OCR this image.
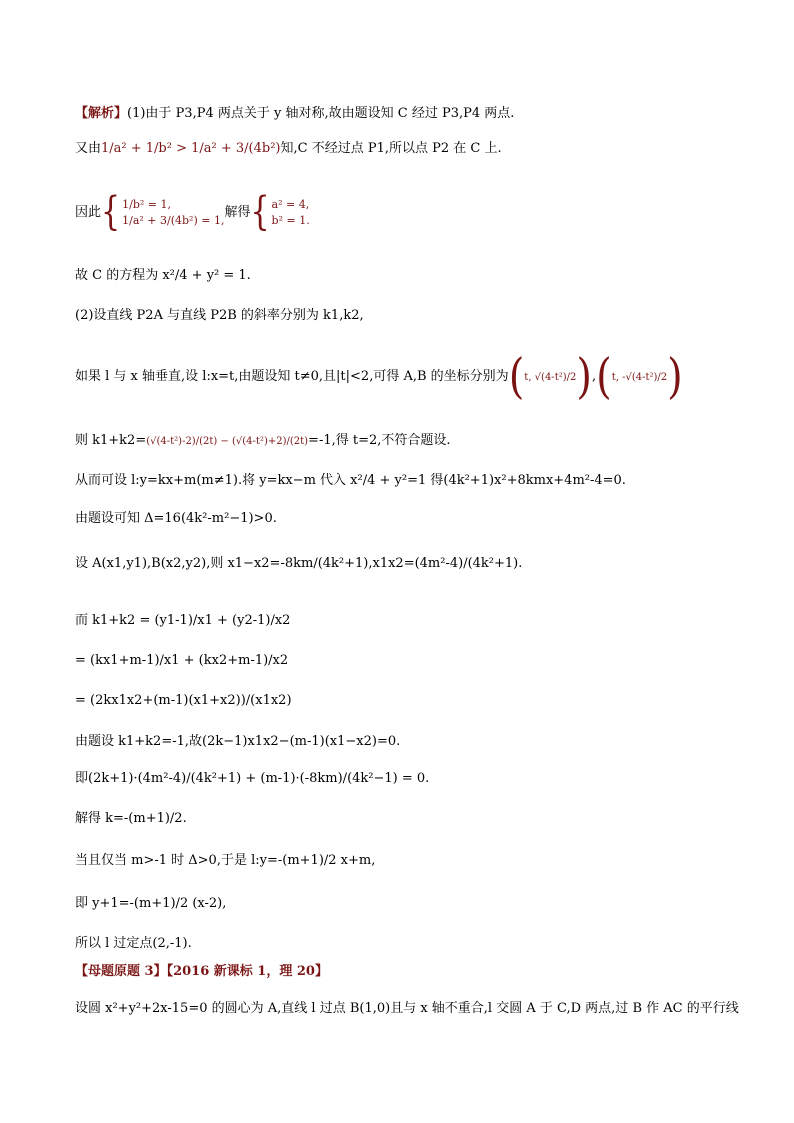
【解析】(1)由于 P3,P4 两点关于 y 轴对称,故由题设知 C 经过 P3,P4 两点.
又由1/a² + 1/b² > 1/a² + 3/(4b²)知,C 不经过点 P1,所以点 P2 在 C 上.
因此{ 1/b² = 1,
1/a² + 3/(4b²) = 1, 解得{ a² = 4,
b² = 1.
故 C 的方程为 x²/4 + y² = 1.
(2)设直线 P2A 与直线 P2B 的斜率分别为 k1,k2,
如果 l 与 x 轴垂直,设 l:x=t,由题设知 t≠0,且|t|<2,可得 A,B 的坐标分别为(t, √(4-t²)/2),(t, -√(4-t²)/2)
则 k1+k2=(√(4-t²)-2)/(2t) − (√(4-t²)+2)/(2t)=-1,得 t=2,不符合题设.
从而可设 l:y=kx+m(m≠1).将 y=kx−m 代入 x²/4 + y²=1 得(4k²+1)x²+8kmx+4m²-4=0.
由题设可知 Δ=16(4k²-m²−1)>0.
设 A(x1,y1),B(x2,y2),则 x1−x2=-8km/(4k²+1),x1x2=(4m²-4)/(4k²+1).
而 k1+k2 = (y1-1)/x1 + (y2-1)/x2
= (kx1+m-1)/x1 + (kx2+m-1)/x2
= (2kx1x2+(m-1)(x1+x2))/(x1x2)
由题设 k1+k2=-1,故(2k−1)x1x2−(m-1)(x1−x2)=0.
即(2k+1)·(4m²-4)/(4k²+1) + (m-1)·(-8km)/(4k²−1) = 0.
解得 k=-(m+1)/2.
当且仅当 m>-1 时 Δ>0,于是 l:y=-(m+1)/2 x+m,
即 y+1=-(m+1)/2 (x-2),
所以 l 过定点(2,-1).
【母题原题 3】【2016 新课标 1，理 20】
设圆 x²+y²+2x-15=0 的圆心为 A,直线 l 过点 B(1,0)且与 x 轴不重合,l 交圆 A 于 C,D 两点,过 B 作 AC 的平行线
